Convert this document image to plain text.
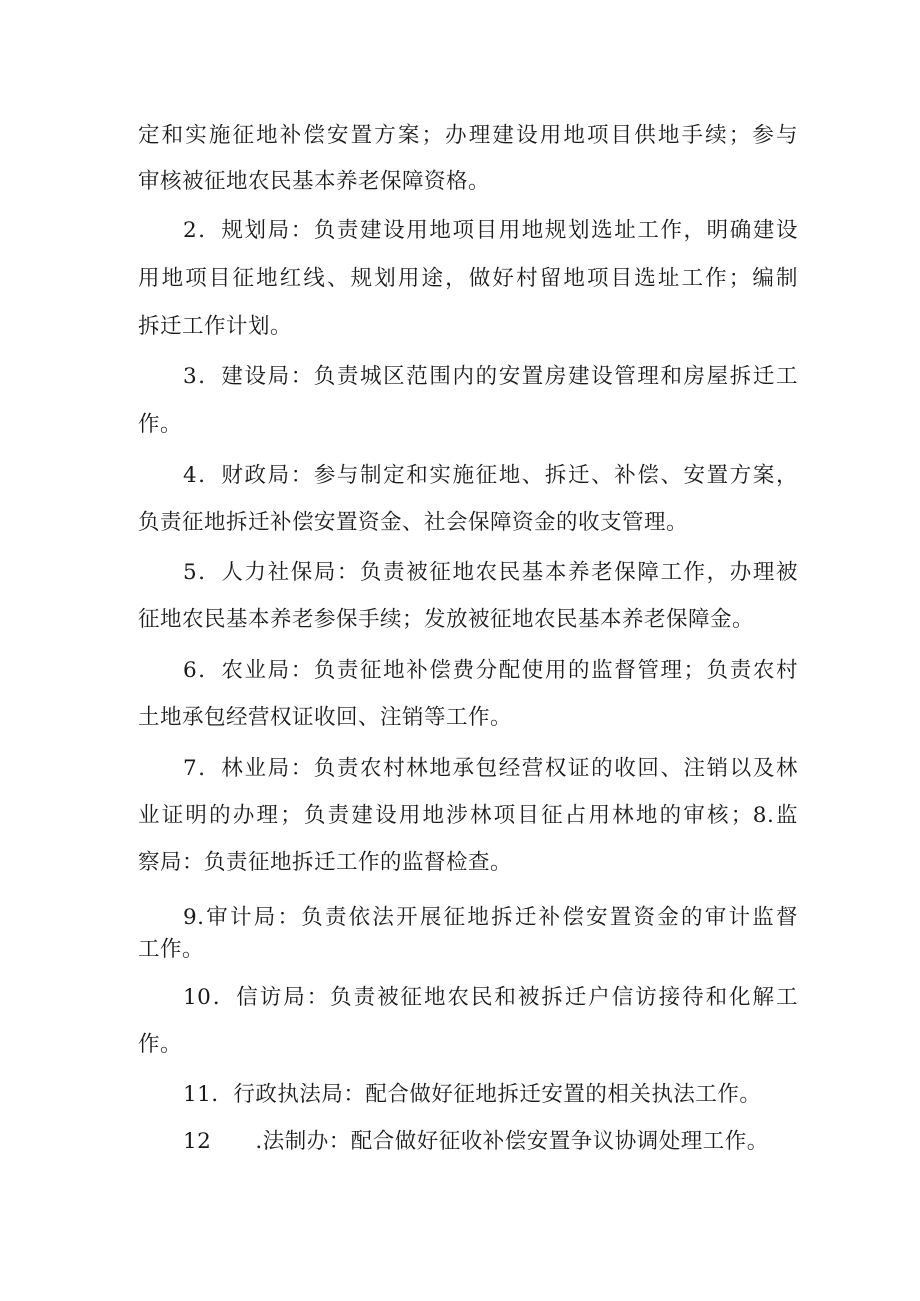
定和实施征地补偿安置方案；办理建设用地项目供地手续；参与
审核被征地农民基本养老保障资格。
2．规划局：负责建设用地项目用地规划选址工作，明确建设
用地项目征地红线、规划用途，做好村留地项目选址工作；编制
拆迁工作计划。
3．建设局：负责城区范围内的安置房建设管理和房屋拆迁工
作。
4．财政局：参与制定和实施征地、拆迁、补偿、安置方案，
负责征地拆迁补偿安置资金、社会保障资金的收支管理。
5．人力社保局：负责被征地农民基本养老保障工作，办理被
征地农民基本养老参保手续；发放被征地农民基本养老保障金。
6．农业局：负责征地补偿费分配使用的监督管理；负责农村
土地承包经营权证收回、注销等工作。
7．林业局：负责农村林地承包经营权证的收回、注销以及林
业证明的办理；负责建设用地涉林项目征占用林地的审核；8.监
察局：负责征地拆迁工作的监督检查。
9.审计局：负责依法开展征地拆迁补偿安置资金的审计监督
工作。
10．信访局：负责被征地农民和被拆迁户信访接待和化解工
作。
11．行政执法局：配合做好征地拆迁安置的相关执法工作。
12　　.法制办：配合做好征收补偿安置争议协调处理工作。
